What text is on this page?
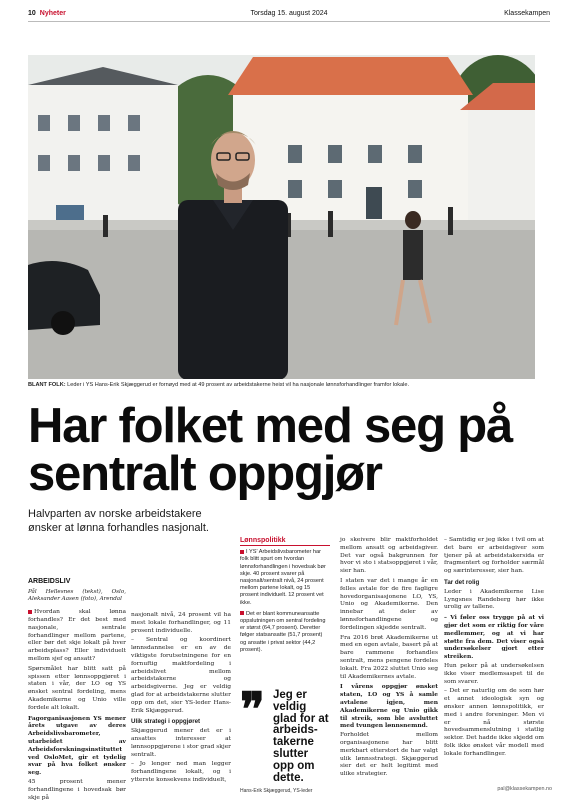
10 Nyheter	Torsdag 15. august 2024	Klassekampen
BLANT FOLK: Leder i YS Hans-Erik Skjæggerud er fornøyd med at 49 prosent av arbeidstakerne heist vil ha nasjonale lønnsforhandlinger framfor lokale.
Har folket med seg på sentralt oppgjør
Halvparten av norske arbeidstakere ønsker at lønna forhandles nasjonalt.
ARBEIDSLIV
Pål Hellesnes (tekst), Oslo, Aleksander Aasen (foto), Arendal

Hvordan skal lønna forhandles? Er det best med nasjonale, sentrale forhandlinger mellom partene, eller bør det skje lokalt på hver arbeidsplass? Eller individuelt mellom sjef og ansatt?

Spørsmålet har blitt satt på spissen etter lønnsoppgjøret i staten i vår, der LO og YS ønsket sentral fordeling, mens Akademikerne og Unio ville fordele alt lokalt.

Fagorganisasjonen YS mener årets utgave av deres Arbeidslivsbarometer, utarbeidet av Arbeidsforskningsinstituttet ved OsloMet, gir et tydelig svar på hva folket ønsker seg.

45 prosent mener forhandlingene i hovedsak bør skje på

nasjonalt nivå, 24 prosent vil ha mest lokale forhandlinger, og 11 prosent individuelle.

– Sentral og koordinert lønnsdannelse er en av de viktigste forutsetningene for en fornuftig maktfordeling i arbeidslivet mellom arbeidstakerne og arbeidsgiverne. Jeg er veldig glad for at arbeidstakerne slutter opp om det, sier YS-leder Hans-Erik Skjæggerud.

Ulik strategi i oppgjøret

Skjæggerud mener det er i ansattes interesser at lønnsoppgjørene i stor grad skjer sentralt.

– Jo lenger ned man legger forhandlingene lokalt, og i ytterste konsekvens individuelt,

Lønnspolitikk

I YS' Arbeidslivsbarometer har folk blitt spurt om hvordan lønnsforhandlingen i hovedsak bør skje. 40 prosent svarer på nasjonalt/sentralt nivå, 24 prosent mellom partene lokalt, og 15 prosent individuelt. 12 prosent vet ikke.

Det er blant kommuneansatte oppslutningen om sentral fordeling er størst (64,7 prosent). Deretter følger statsansatte (51,7 prosent) og ansatte i privat sektor (44,2 prosent).

❞ Jeg er veldig glad for at arbeidstakerne slutter opp om dette.
Hans-Erik Skjæggerud, YS-leder

jo skeivere blir maktforholdet mellom ansatt og arbeidsgiver. Det var også bakgrunnen for hvor vi sto i statsoppgjøret i vår, sier han.

I staten var det i mange år en felles avtale for de fire fagligre hovedorganisasjonene LO, YS, Unio og Akademikerne. Den innebar at deler av lønnsforhandlingene og fordelingen skjedde sentralt.

Fra 2016 brøt Akademikerne ut med en egen avtale, basert på at bare rammene forhandles sentralt, mens pengene fordeles lokalt. Fra 2022 sluttet Unio seg til Akademikernes avtale.

I vårens oppgjør ønsket staten, LO og YS å samle avtalene igjen, men Akademikerne og Unio gikk til streik, som ble avsluttet med tvungen lønnsnemnd.

Forholdet mellom organisasjonene har blitt merkbart etterstort de har valgt ulik lønnsstrategi. Skjæggerud sier det er helt legitimt med ulike strategier.

– Samtidig er jeg ikke i tvil om at det bare er arbeidsgiver som tjener på at arbeidstakersida er fragmentert og forholder særmål og særinteresser, sier han.

Tar det rolig

Leder i Akademikerne Lise Lyngsnes Randeberg hør ikke urolig av tallene.

– Vi føler oss trygge på at vi gjør det som er riktig for våre medlemmer, og at vi har støtte fra dem. Det viser også undersøkelser gjort etter streiken.

Hun peker på at undersøkelsen ikke viser medlemsaspet til de som svarer.

– Det er naturlig om de som hør et annet ideologisk syn og ønsker annen lønnspolitikk, er med i andre foreninger. Men vi er nå største hovedsammenslutning i statlig sektor. Det hadde ikke skjedd om folk ikke ønsket vår modell med lokale forhandlinger.

pal@klassekampen.no
